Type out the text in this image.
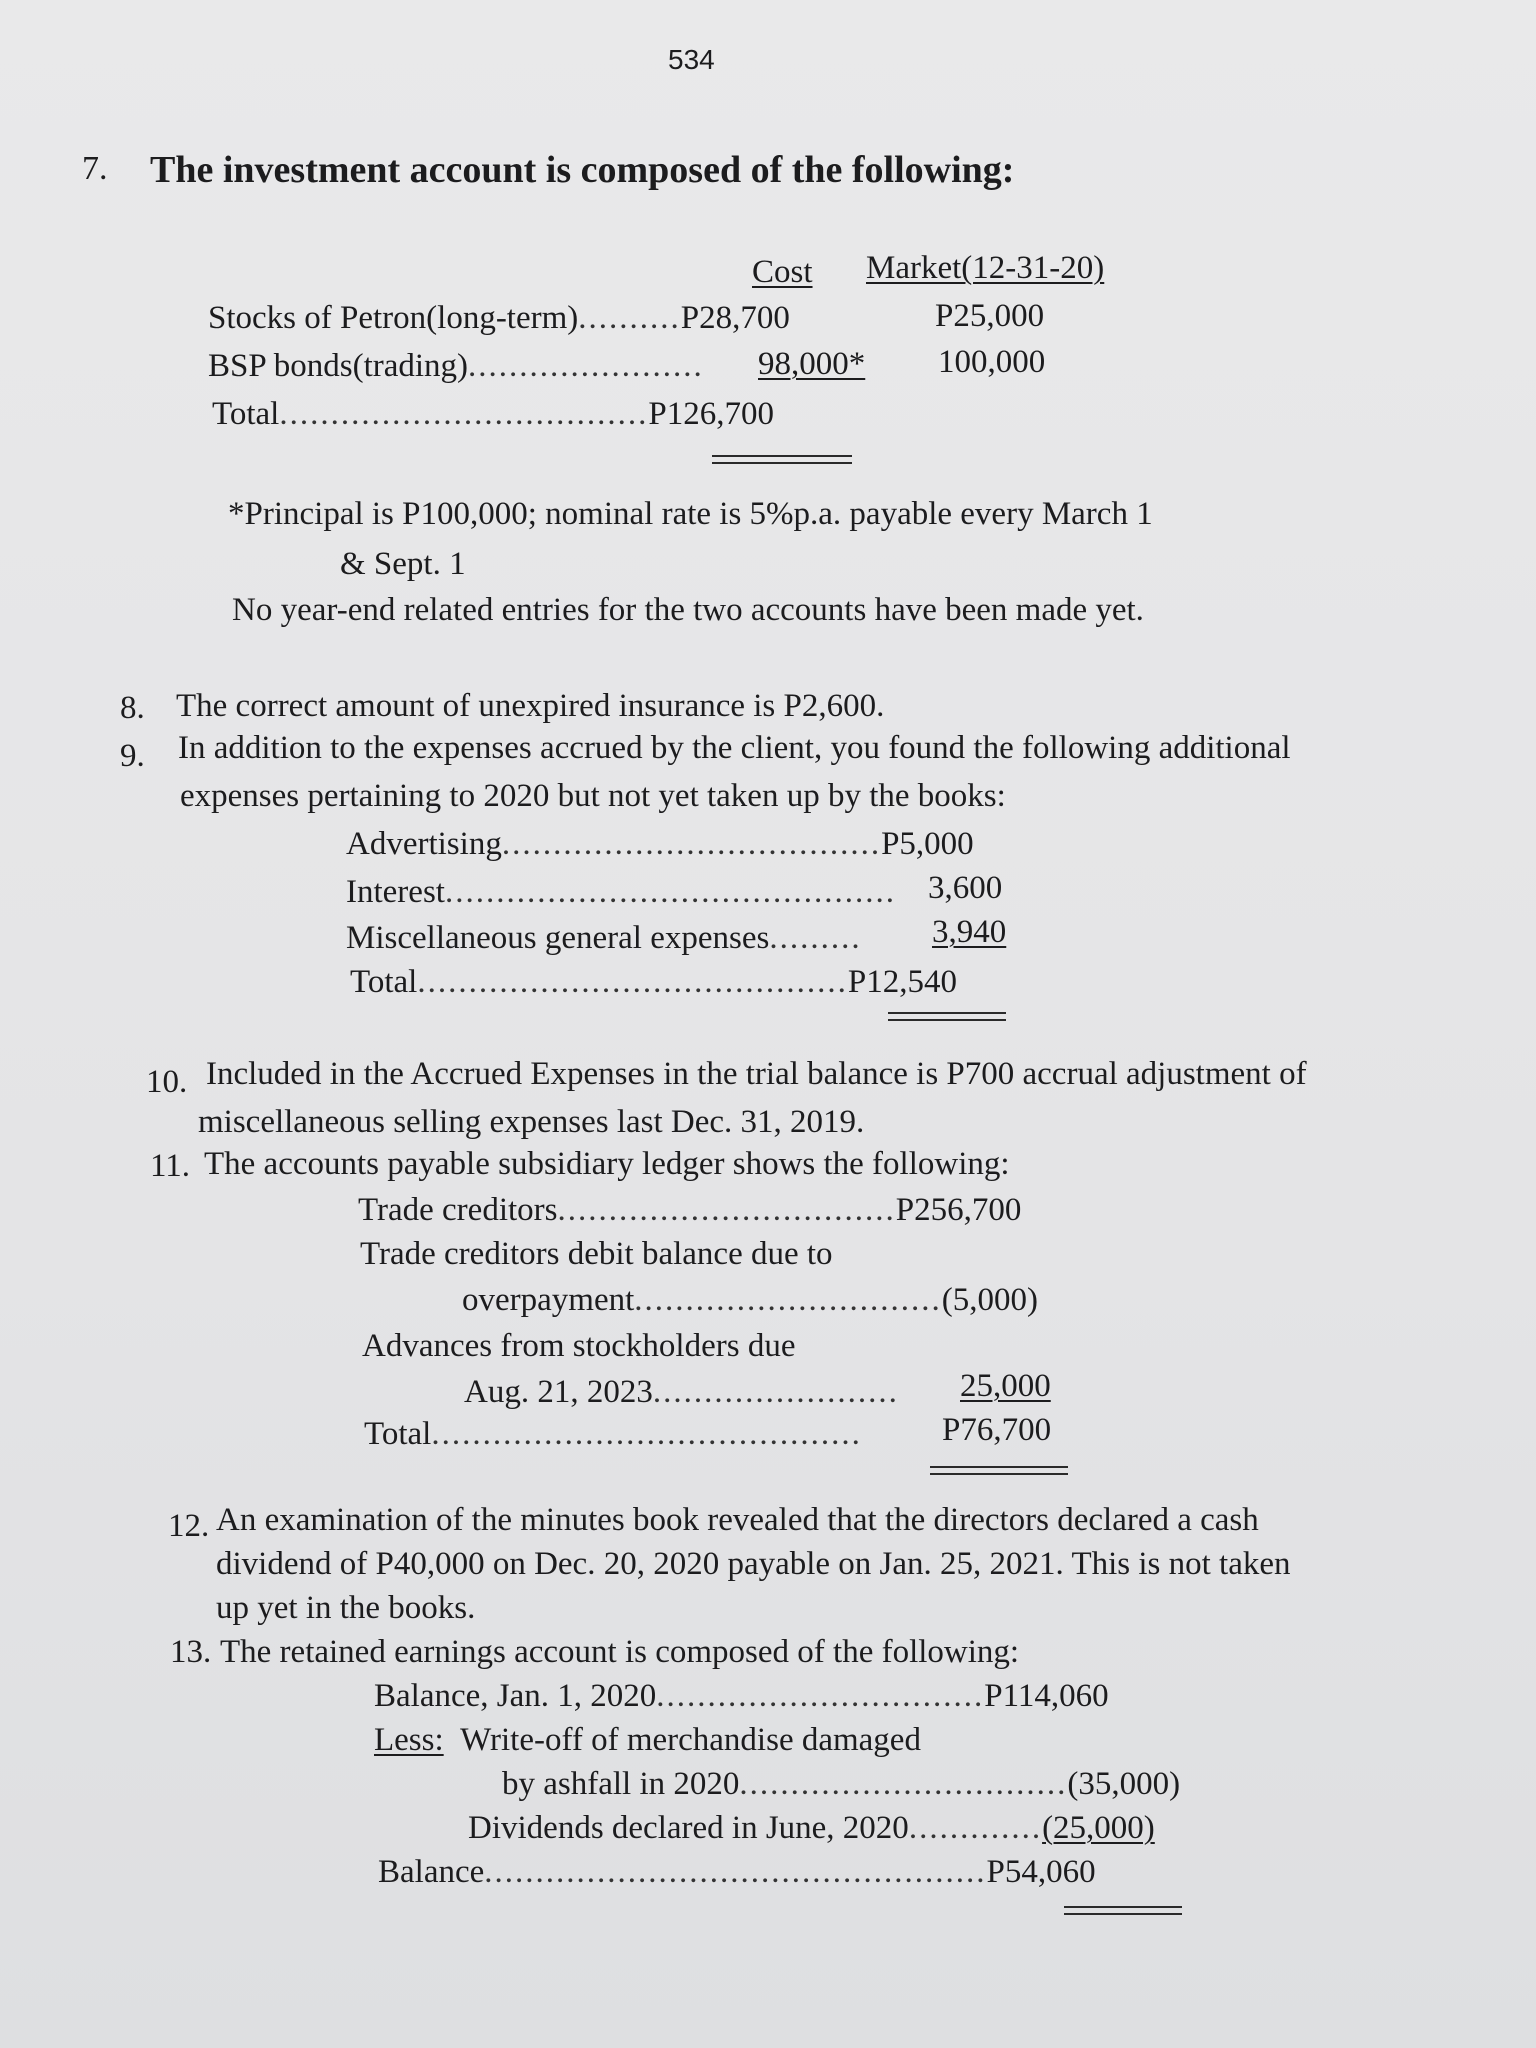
534
7. The investment account is composed of the following:
Cost Market(12-31-20)
Stocks of Petron(long-term)..........P28,700	P25,000
BSP bonds(trading)....................... 98,000* 100,000
Total....................................P126,700
*Principal is P100,000; nominal rate is 5%p.a. payable every March 1
& Sept. 1
No year-end related entries for the two accounts have been made yet.
8. The correct amount of unexpired insurance is P2,600.
9. In addition to the expenses accrued by the client, you found the following additional
expenses pertaining to 2020 but not yet taken up by the books:
Advertising.....................................P5,000
Interest............................................ 3,600
Miscellaneous general expenses......... 3,940
Total..........................................P12,540
10. Included in the Accrued Expenses in the trial balance is P700 accrual adjustment of
miscellaneous selling expenses last Dec. 31, 2019.
11. The accounts payable subsidiary ledger shows the following:
Trade creditors.................................P256,700
Trade creditors debit balance due to
overpayment..............................(5,000)
Advances from stockholders due
Aug. 21, 2023........................ 25,000
Total.......................................... P76,700
12. An examination of the minutes book revealed that the directors declared a cash
dividend of P40,000 on Dec. 20, 2020 payable on Jan. 25, 2021. This is not taken
up yet in the books.
13. The retained earnings account is composed of the following:
Balance, Jan. 1, 2020................................P114,060
Less: Write-off of merchandise damaged
by ashfall in 2020................................(35,000)
Dividends declared in June, 2020.............(25,000)
Balance.................................................P54,060
